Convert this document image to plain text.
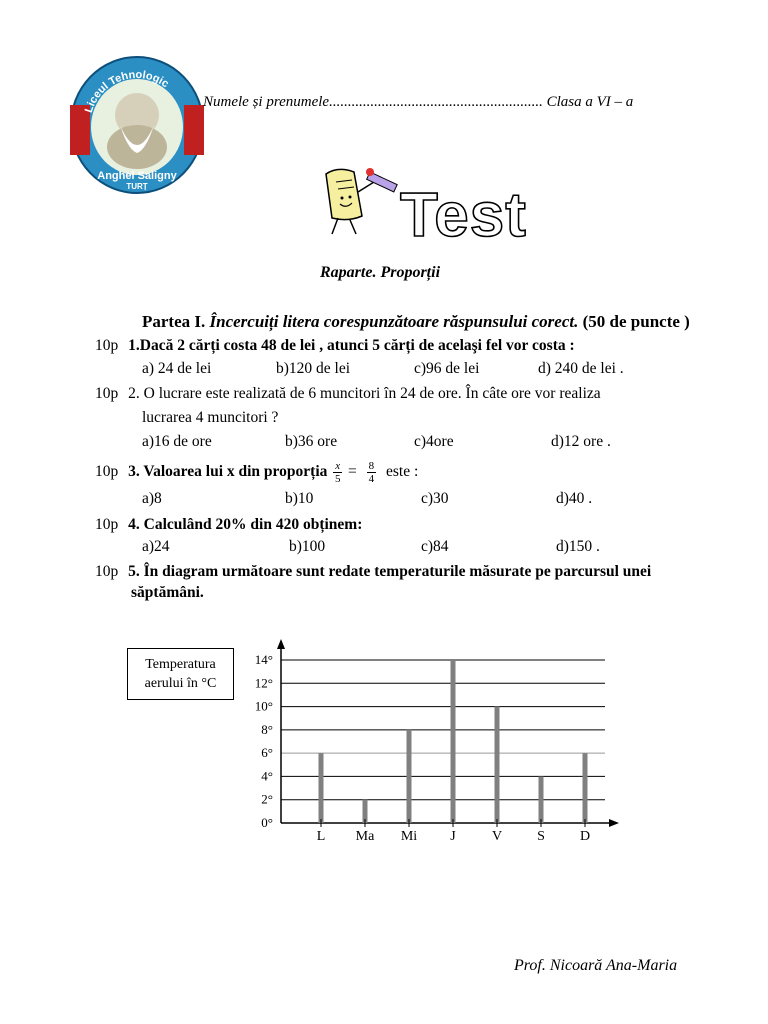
Liceul Tehnologic
Anghel Saligny
TURȚ
Numele și prenumele......................................................... Clasa a VI – a
Test
Raparte. Proporții
Partea I. Încercuiți litera corespunzătoare răspunsului corect. (50 de puncte )
10p 1.Dacă 2 cărți costa 48 de lei , atunci 5 cărți de acelaşi fel vor costa :
a) 24 de lei	b)120 de lei	c)96 de lei	d) 240 de lei .
10p 2. O lucrare este realizată de 6 muncitori în 24 de ore. În câte ore vor realiza
lucrarea 4 muncitori ?
a)16 de ore	b)36 ore	c)4ore	d)12 ore .
10p 3. Valoarea lui x din proporția $\frac{x}{5} = \frac{8}{4}$ este :
a)8	b)10	c)30	d)40 .
10p 4. Calculând 20% din 420 obținem:
a)24	b)100	c)84	d)150 .
10p 5. În diagram următoare sunt redate temperaturile măsurate pe parcursul unei
săptămâni.
Temperatura
aerului în °C
0°
2°
4°
6°
8°
10°
12°
14°
L Ma Mi J	V	S	D
Prof. Nicoară Ana-Maria
